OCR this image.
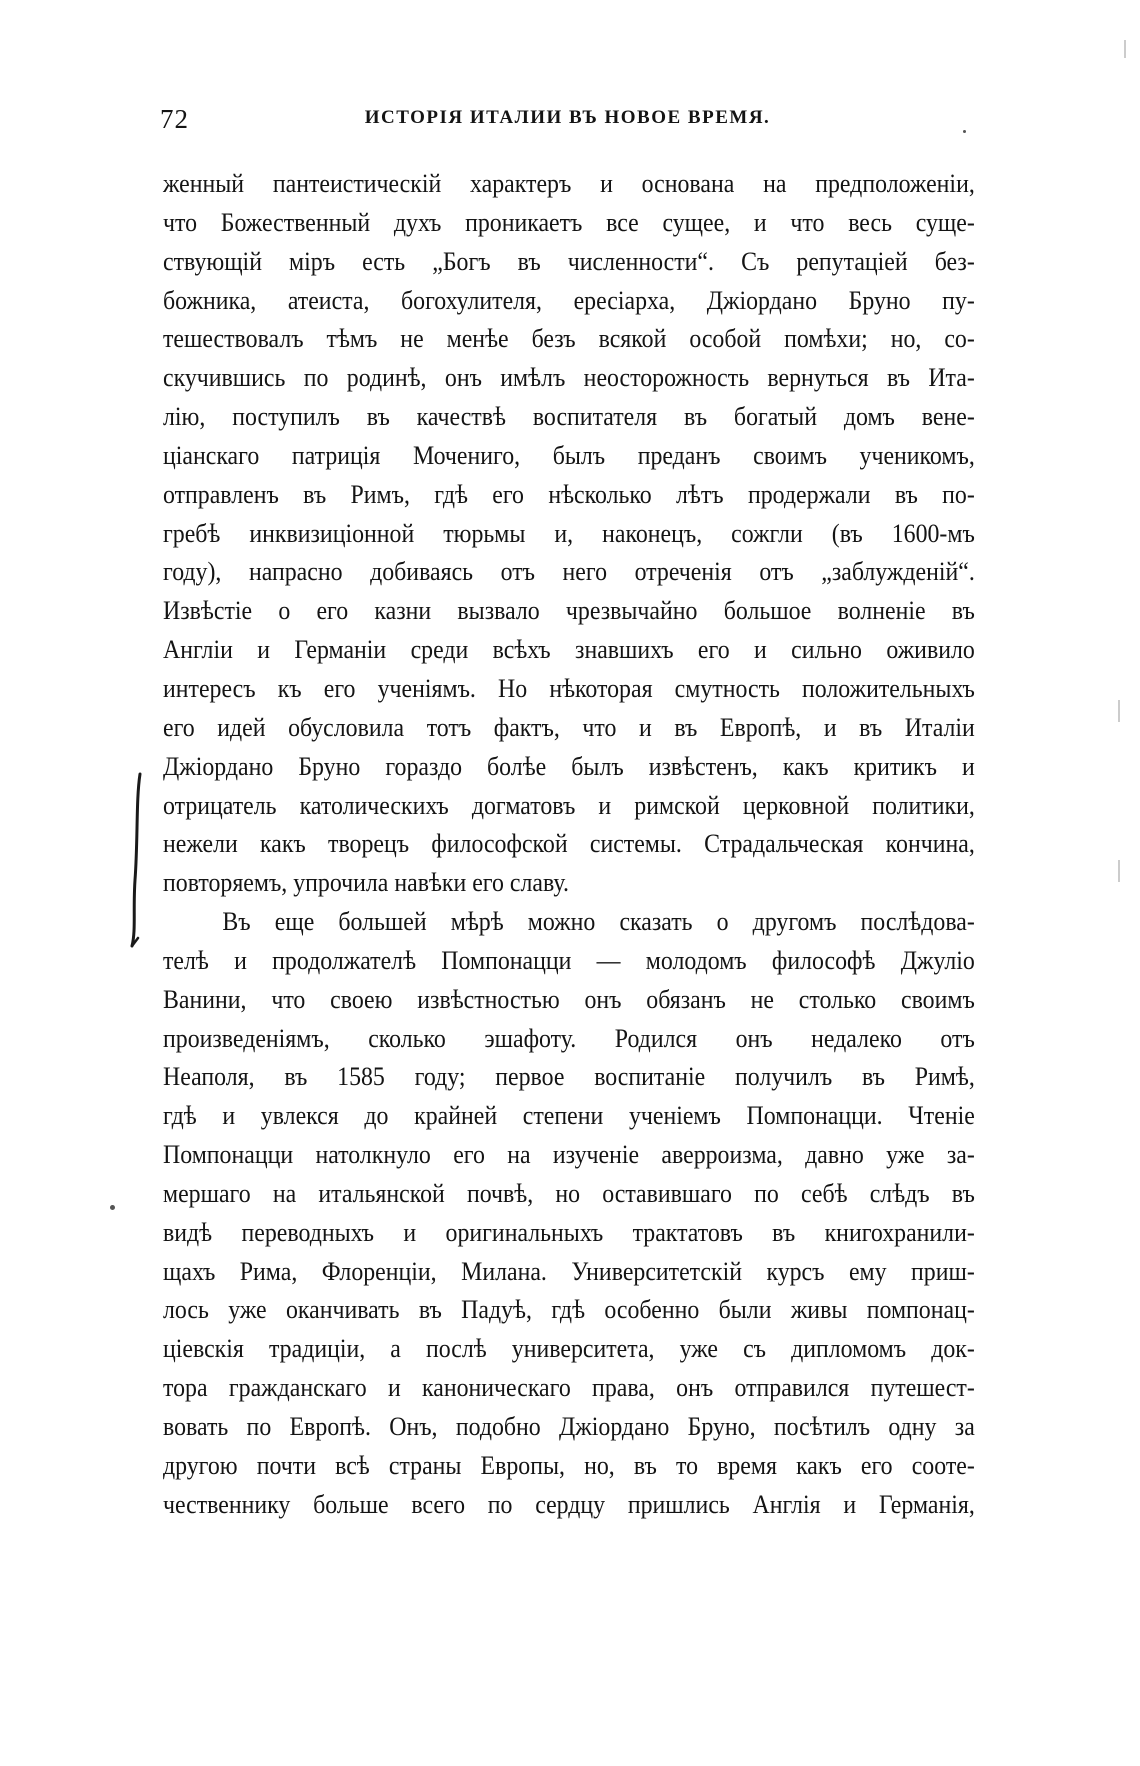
72	ИСТОРІЯ ИТАЛИИ ВЪ НОВОЕ ВРЕМЯ.
женный пантеистическій характеръ и основана на предположеніи,
что Божественный духъ проникаетъ все сущее, и что весь суще-
ствующій міръ есть „Богъ въ численности“. Съ репутаціей без-
божника, атеиста, богохулителя, ересіарха, Джіордано Бруно пу-
тешествовалъ тѣмъ не менѣе безъ всякой особой помѣхи; но, со-
скучившись по родинѣ, онъ имѣлъ неосторожность вернуться въ Ита-
лію, поступилъ въ качествѣ воспитателя въ богатый домъ вене-
ціанскаго патриція Мочениго, былъ преданъ своимъ ученикомъ,
отправленъ въ Римъ, гдѣ его нѣсколько лѣтъ продержали въ по-
гребѣ инквизиціонной тюрьмы и, наконецъ, сожгли (въ 1600-мъ
году), напрасно добиваясь отъ него отреченія отъ „заблужденій“.
Извѣстіе о его казни вызвало чрезвычайно большое волненіе въ
Англіи и Германіи среди всѣхъ знавшихъ его и сильно оживило
интересъ къ его ученіямъ. Но нѣкоторая смутность положительныхъ
его идей обусловила тотъ фактъ, что и въ Европѣ, и въ Италіи
Джіордано Бруно гораздо болѣе былъ извѣстенъ, какъ критикъ и
отрицатель католическихъ догматовъ и римской церковной политики,
нежели какъ творецъ философской системы. Страдальческая кончина,
повторяемъ, упрочила навѣки его славу.
Въ еще большей мѣрѣ можно сказать о другомъ послѣдова-
телѣ и продолжателѣ Помпонацци — молодомъ философѣ Джуліо
Ванини, что своею извѣстностью онъ обязанъ не столько своимъ
произведеніямъ, сколько эшафоту. Родился онъ недалеко отъ
Неаполя, въ 1585 году; первое воспитаніе получилъ въ Римѣ,
гдѣ и увлекся до крайней степени ученіемъ Помпонацци. Чтеніе
Помпонацци натолкнуло его на изученіе аверроизма, давно уже за-
мершаго на итальянской почвѣ, но оставившаго по себѣ слѣдъ въ
видѣ переводныхъ и оригинальныхъ трактатовъ въ книгохранили-
щахъ Рима, Флоренціи, Милана. Университетскій курсъ ему приш-
лось уже оканчивать въ Падуѣ, гдѣ особенно были живы помпонац-
ціевскія традиціи, а послѣ университета, уже съ дипломомъ док-
тора гражданскаго и каноническаго права, онъ отправился путешест-
вовать по Европѣ. Онъ, подобно Джіордано Бруно, посѣтилъ одну за
другою почти всѣ страны Европы, но, въ то время какъ его соотe-
чественнику больше всего по сердцу пришлись Англія и Германія,
